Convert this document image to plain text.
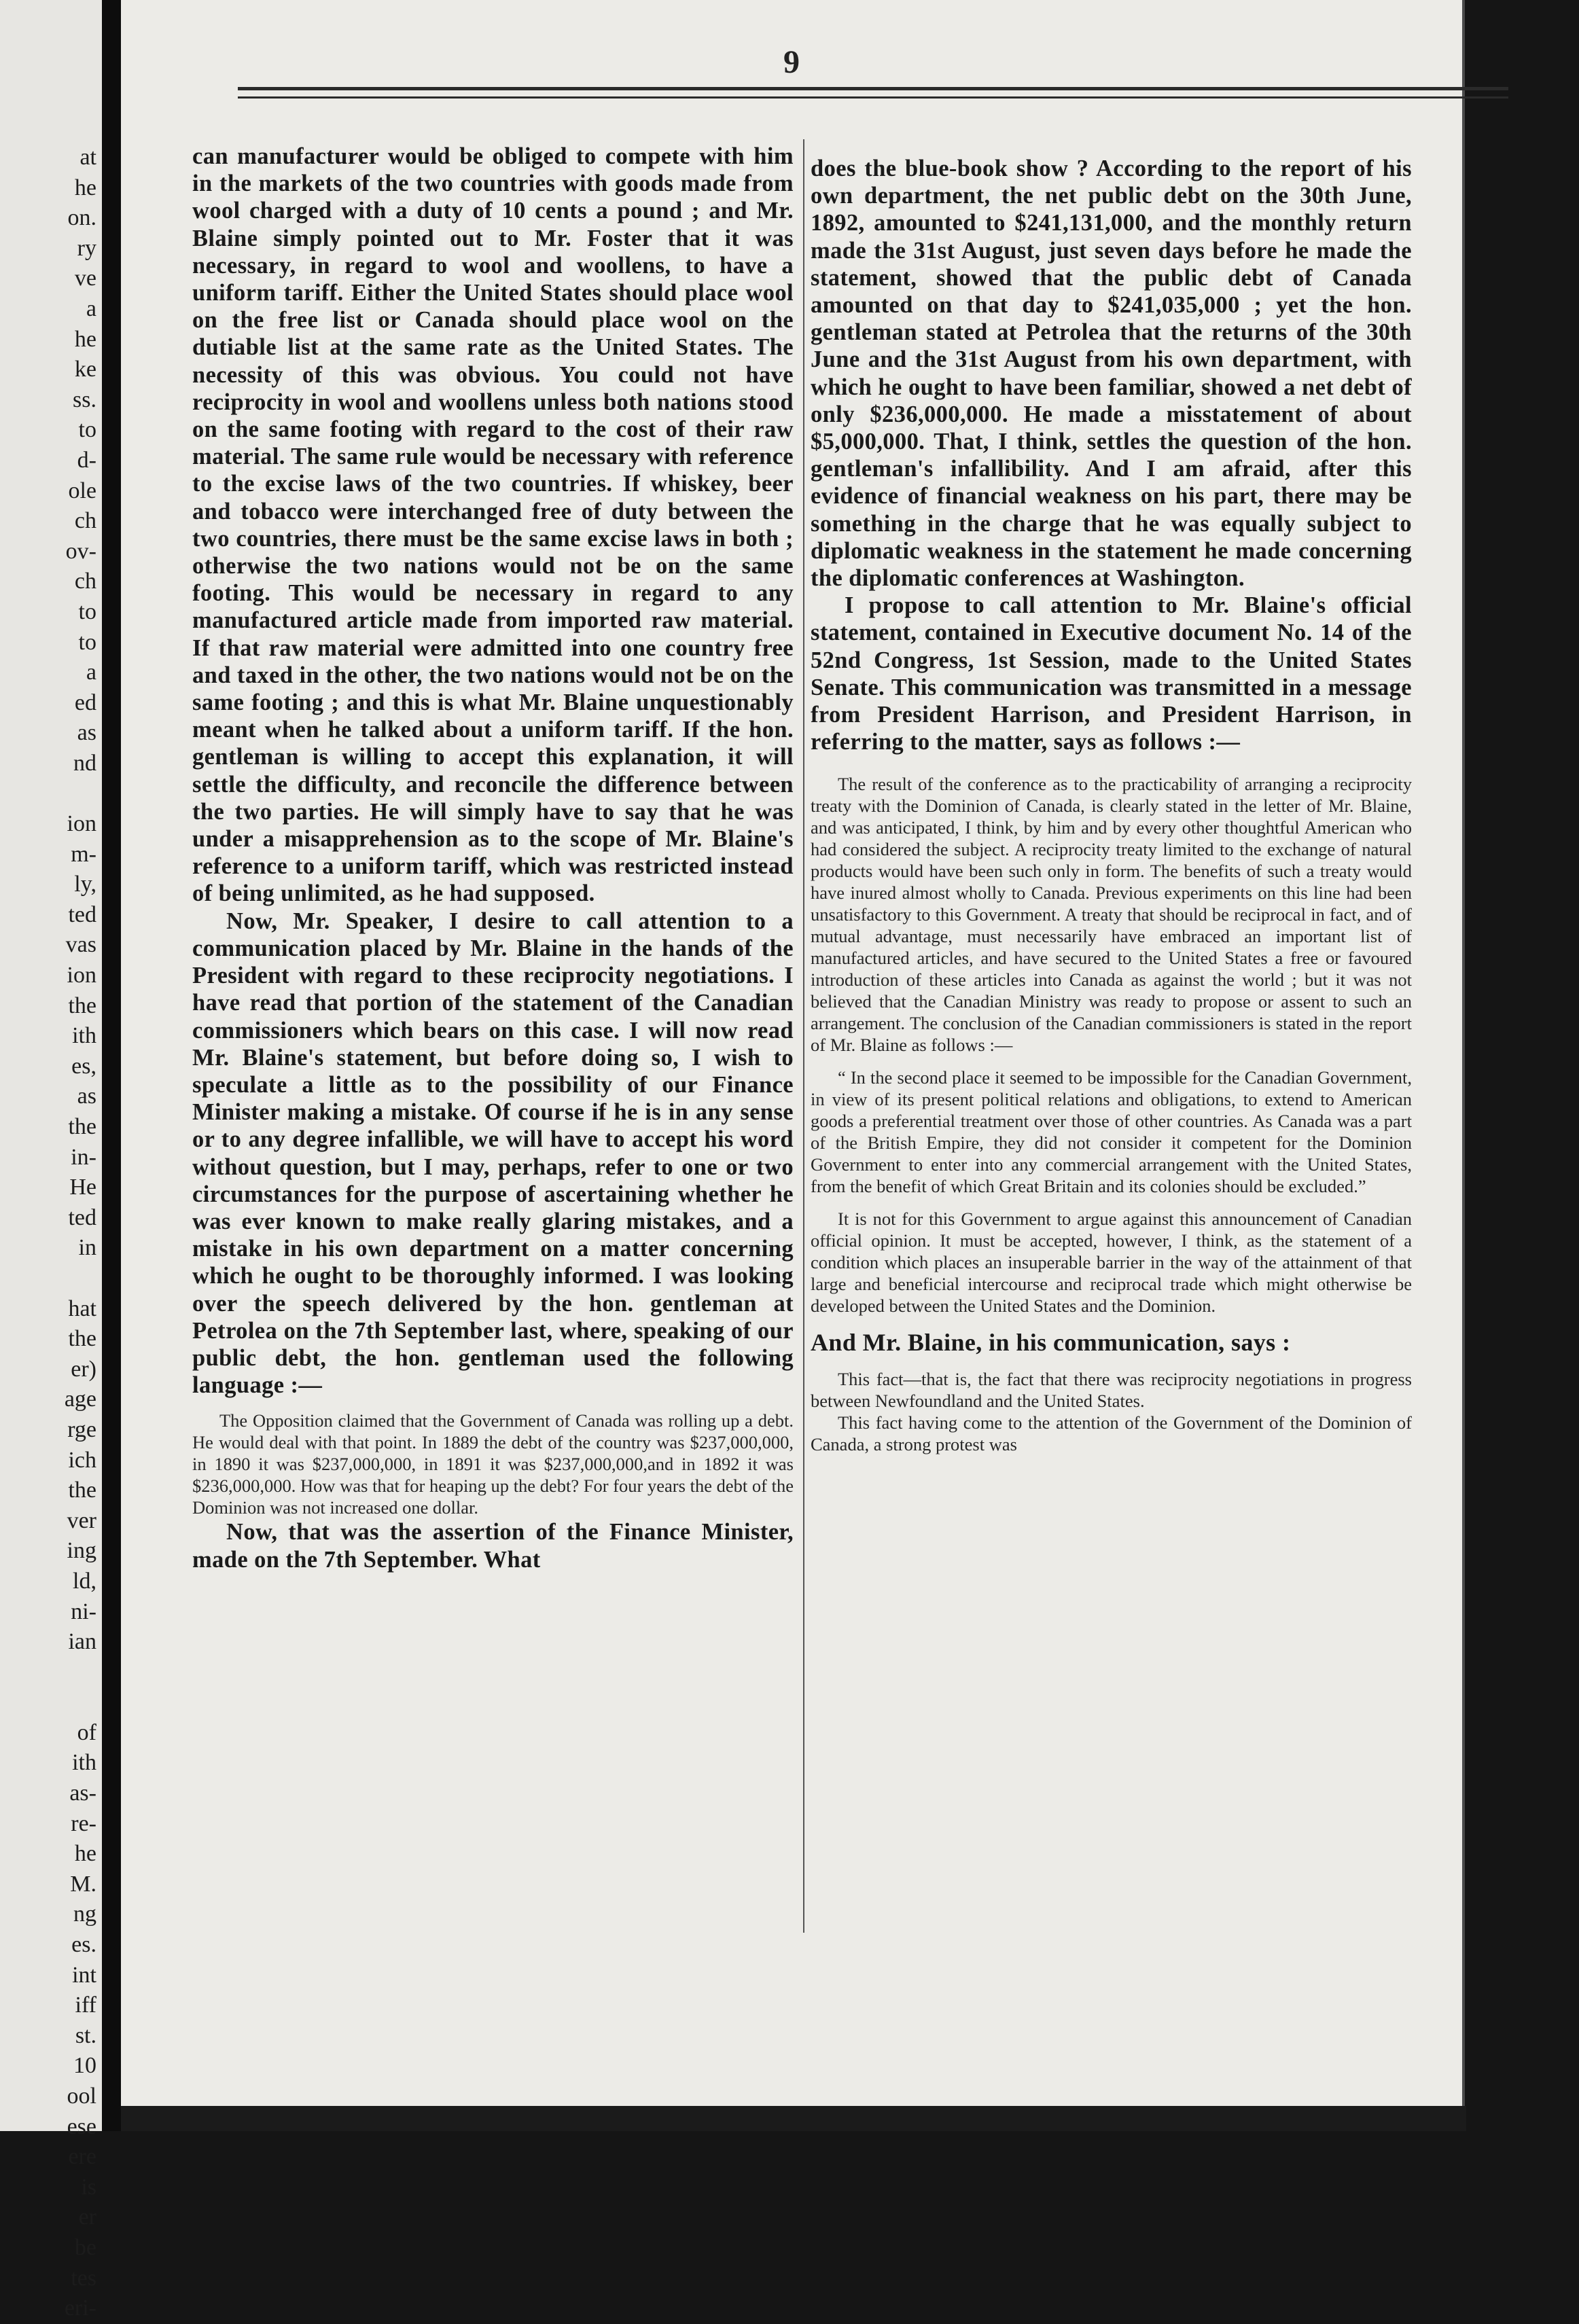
at
he
on.
ry
ve
a
he
ke
ss.
to
d-
ole
ch
ov-
ch
to
to
a
ed
as
nd

ion
m-
ly,
ted
vas
ion
the
ith
es,
as
the
in-
He
ted
in

hat
the
er)
age
rge
ich
the
ver
ing
ld,
ni-
ian

of
ith
as-
re-
he
M.
ng
es.
int
iff
st.
10
ool
ese
ere
is
er
be
tes
eri-
9

can manufacturer would be obliged to compete with him in the markets of the two countries with goods made from wool charged with a duty of 10 cents a pound ; and Mr. Blaine simply pointed out to Mr. Foster that it was necessary, in regard to wool and woollens, to have a uniform tariff. Either the United States should place wool on the free list or Canada should place wool on the dutiable list at the same rate as the United States. The necessity of this was obvious. You could not have reciprocity in wool and woollens unless both nations stood on the same footing with regard to the cost of their raw material. The same rule would be necessary with reference to the excise laws of the two countries. If whiskey, beer and tobacco were interchanged free of duty between the two countries, there must be the same excise laws in both ; otherwise the two nations would not be on the same footing. This would be necessary in regard to any manufactured article made from imported raw material. If that raw material were admitted into one country free and taxed in the other, the two nations would not be on the same footing ; and this is what Mr. Blaine unquestionably meant when he talked about a uniform tariff. If the hon. gentleman is willing to accept this explanation, it will settle the difficulty, and reconcile the difference between the two parties. He will simply have to say that he was under a misapprehension as to the scope of Mr. Blaine's reference to a uniform tariff, which was restricted instead of being unlimited, as he had supposed.

Now, Mr. Speaker, I desire to call attention to a communication placed by Mr. Blaine in the hands of the President with regard to these reciprocity negotiations. I have read that portion of the statement of the Canadian commissioners which bears on this case. I will now read Mr. Blaine's statement, but before doing so, I wish to speculate a little as to the possibility of our Finance Minister making a mistake. Of course if he is in any sense or to any degree infallible, we will have to accept his word without question, but I may, perhaps, refer to one or two circumstances for the purpose of ascertaining whether he was ever known to make really glaring mistakes, and a mistake in his own department on a matter concerning which he ought to be thoroughly informed. I was looking over the speech delivered by the hon. gentleman at Petrolea on the 7th September last, where, speaking of our public debt, the hon. gentleman used the following language :—

The Opposition claimed that the Government of Canada was rolling up a debt. He would deal with that point. In 1889 the debt of the country was $237,000,000, in 1890 it was $237,000,000, in 1891 it was $237,000,000,and in 1892 it was $236,000,000. How was that for heaping up the debt? For four years the debt of the Dominion was not increased one dollar.

Now, that was the assertion of the Finance Minister, made on the 7th September. What

does the blue-book show ? According to the report of his own department, the net public debt on the 30th June, 1892, amounted to $241,131,000, and the monthly return made the 31st August, just seven days before he made the statement, showed that the public debt of Canada amounted on that day to $241,035,000 ; yet the hon. gentleman stated at Petrolea that the returns of the 30th June and the 31st August from his own department, with which he ought to have been familiar, showed a net debt of only $236,000,000. He made a misstatement of about $5,000,000. That, I think, settles the question of the hon. gentleman's infallibility. And I am afraid, after this evidence of financial weakness on his part, there may be something in the charge that he was equally subject to diplomatic weakness in the statement he made concerning the diplomatic conferences at Washington.

I propose to call attention to Mr. Blaine's official statement, contained in Executive document No. 14 of the 52nd Congress, 1st Session, made to the United States Senate. This communication was transmitted in a message from President Harrison, and President Harrison, in referring to the matter, says as follows :—

The result of the conference as to the practicability of arranging a reciprocity treaty with the Dominion of Canada, is clearly stated in the letter of Mr. Blaine, and was anticipated, I think, by him and by every other thoughtful American who had considered the subject. A reciprocity treaty limited to the exchange of natural products would have been such only in form. The benefits of such a treaty would have inured almost wholly to Canada. Previous experiments on this line had been unsatisfactory to this Government. A treaty that should be reciprocal in fact, and of mutual advantage, must necessarily have embraced an important list of manufactured articles, and have secured to the United States a free or favoured introduction of these articles into Canada as against the world ; but it was not believed that the Canadian Ministry was ready to propose or assent to such an arrangement. The conclusion of the Canadian commissioners is stated in the report of Mr. Blaine as follows :—

“ In the second place it seemed to be impossible for the Canadian Government, in view of its present political relations and obligations, to extend to American goods a preferential treatment over those of other countries. As Canada was a part of the British Empire, they did not consider it competent for the Dominion Government to enter into any commercial arrangement with the United States, from the benefit of which Great Britain and its colonies should be excluded.”

It is not for this Government to argue against this announcement of Canadian official opinion. It must be accepted, however, I think, as the statement of a condition which places an insuperable barrier in the way of the attainment of that large and beneficial intercourse and reciprocal trade which might otherwise be developed between the United States and the Dominion.

And Mr. Blaine, in his communication, says :

This fact—that is, the fact that there was reciprocity negotiations in progress between Newfoundland and the United States.

This fact having come to the attention of the Government of the Dominion of Canada, a strong protest was
